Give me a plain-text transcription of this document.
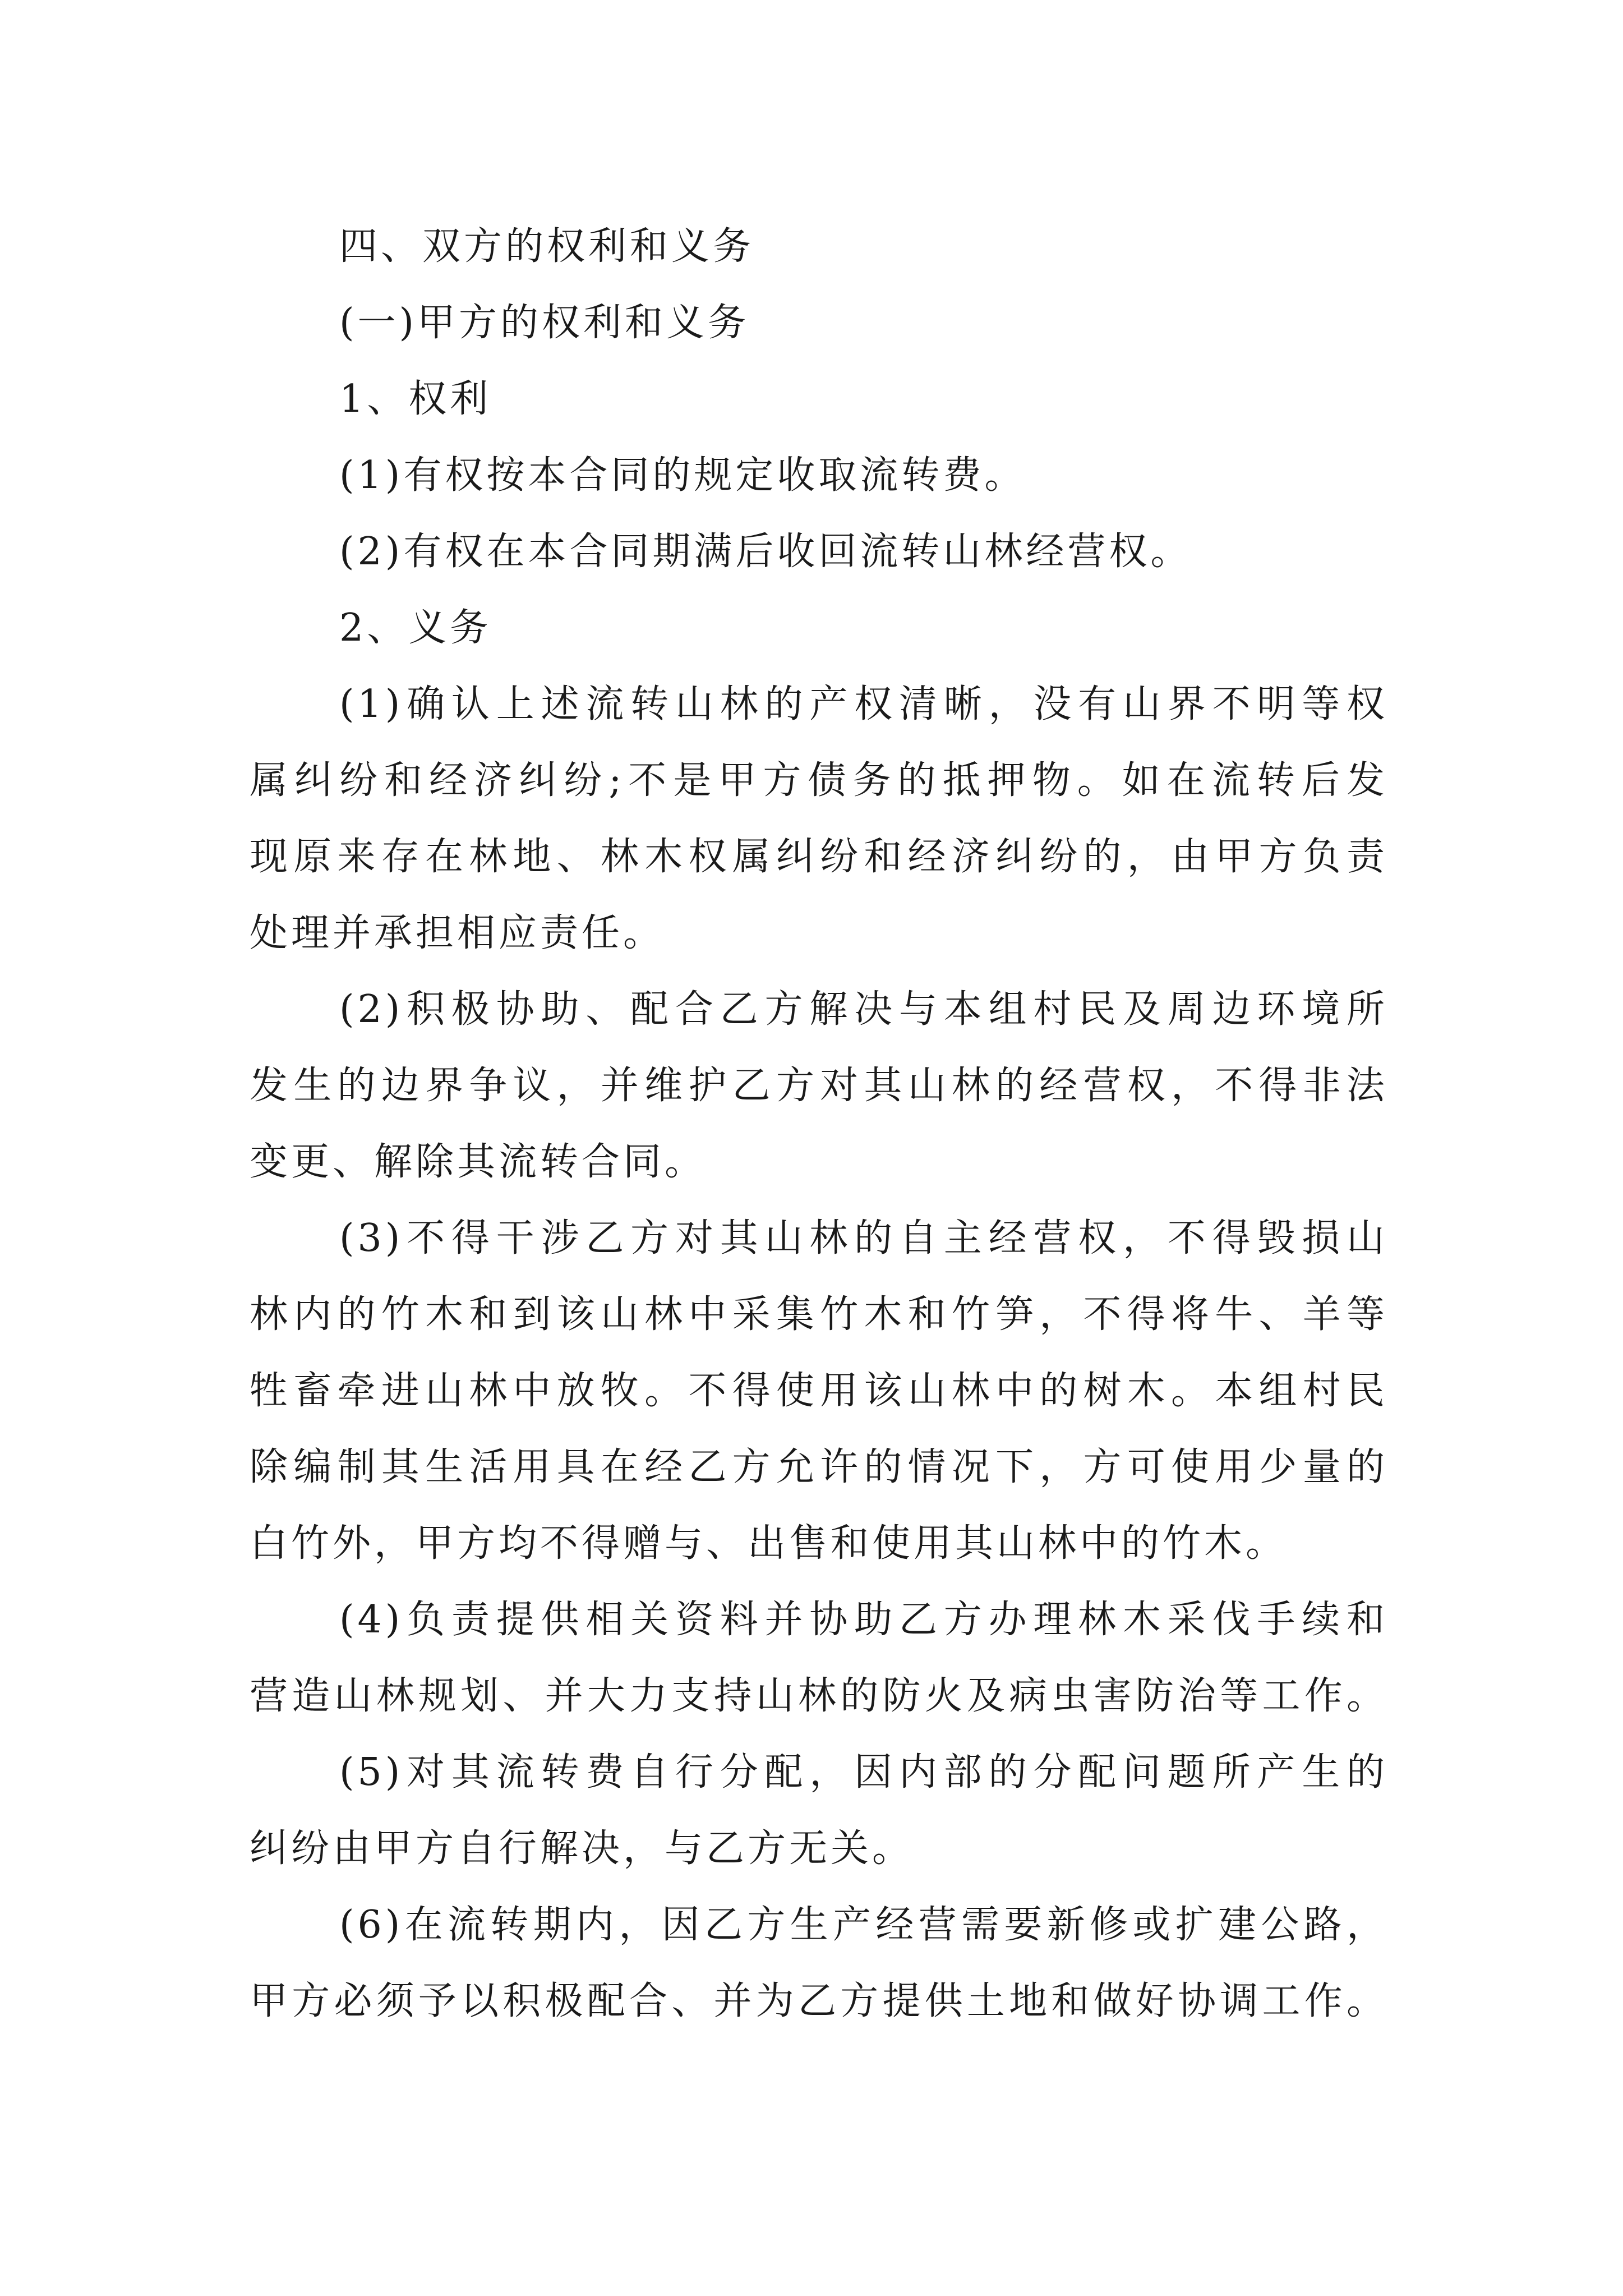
四、双方的权利和义务
(一)甲方的权利和义务
1、权利
(1)有权按本合同的规定收取流转费。
(2)有权在本合同期满后收回流转山林经营权。
2、义务
(1)确认上述流转山林的产权清晰，没有山界不明等权
属纠纷和经济纠纷;不是甲方债务的抵押物。如在流转后发
现原来存在林地、林木权属纠纷和经济纠纷的，由甲方负责
处理并承担相应责任。
(2)积极协助、配合乙方解决与本组村民及周边环境所
发生的边界争议，并维护乙方对其山林的经营权，不得非法
变更、解除其流转合同。
(3)不得干涉乙方对其山林的自主经营权，不得毁损山
林内的竹木和到该山林中采集竹木和竹笋，不得将牛、羊等
牲畜牵进山林中放牧。不得使用该山林中的树木。本组村民
除编制其生活用具在经乙方允许的情况下，方可使用少量的
白竹外，甲方均不得赠与、出售和使用其山林中的竹木。
(4)负责提供相关资料并协助乙方办理林木采伐手续和
营造山林规划、并大力支持山林的防火及病虫害防治等工作。
(5)对其流转费自行分配，因内部的分配问题所产生的
纠纷由甲方自行解决，与乙方无关。
(6)在流转期内，因乙方生产经营需要新修或扩建公路，
甲方必须予以积极配合、并为乙方提供土地和做好协调工作。
